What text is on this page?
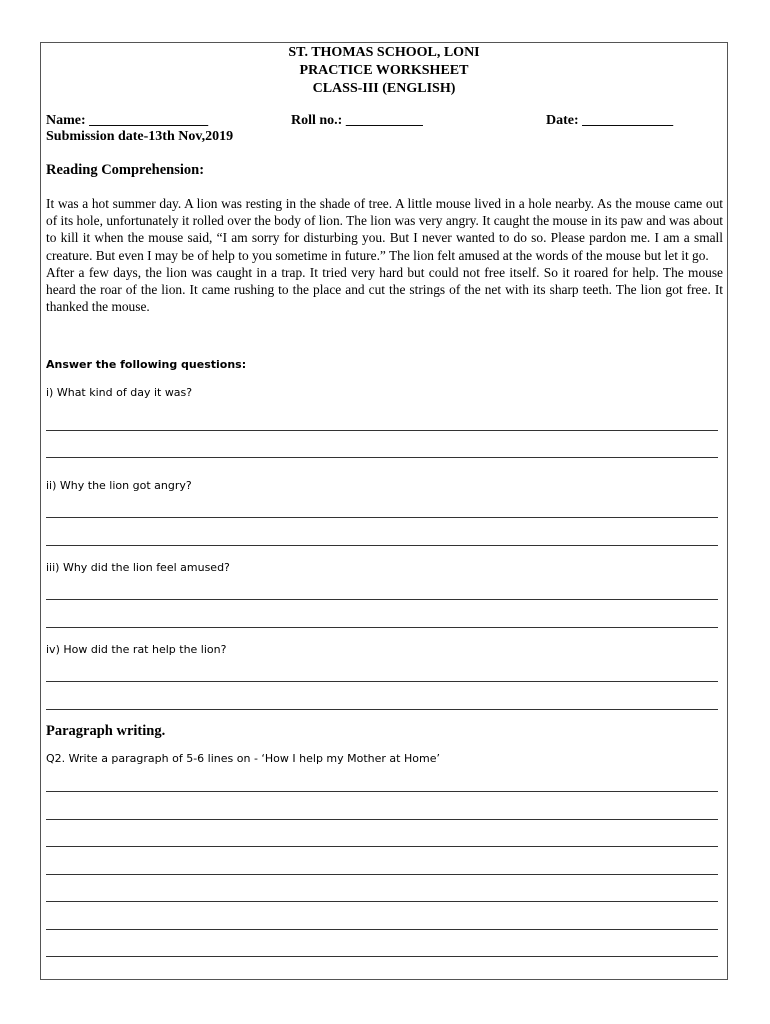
ST. THOMAS SCHOOL, LONI
PRACTICE WORKSHEET
CLASS-III (ENGLISH)
Name: _________________	Roll no.: ___________	Date: _____________
Submission date-13th Nov,2019
Reading Comprehension:

It was a hot summer day. A lion was resting in the shade of tree. A little mouse lived in a hole nearby. As the mouse came out of its hole, unfortunately it rolled over the body of lion. The lion was very angry. It caught the mouse in its paw and was about to kill it when the mouse said, “I am sorry for disturbing you. But I never wanted to do so. Please pardon me. I am a small creature. But even I may be of help to you sometime in future.” The lion felt amused at the words of the mouse but let it go.

After a few days, the lion was caught in a trap. It tried very hard but could not free itself. So it roared for help. The mouse heard the roar of the lion. It came rushing to the place and cut the strings of the net with its sharp teeth. The lion got free. It thanked the mouse.

Answer the following questions:
i) What kind of day it was?
ii) Why the lion got angry?
iii) Why did the lion feel amused?
iv) How did the rat help the lion?
Paragraph writing.
Q2. Write a paragraph of 5-6 lines on - ‘How I help my Mother at Home’
